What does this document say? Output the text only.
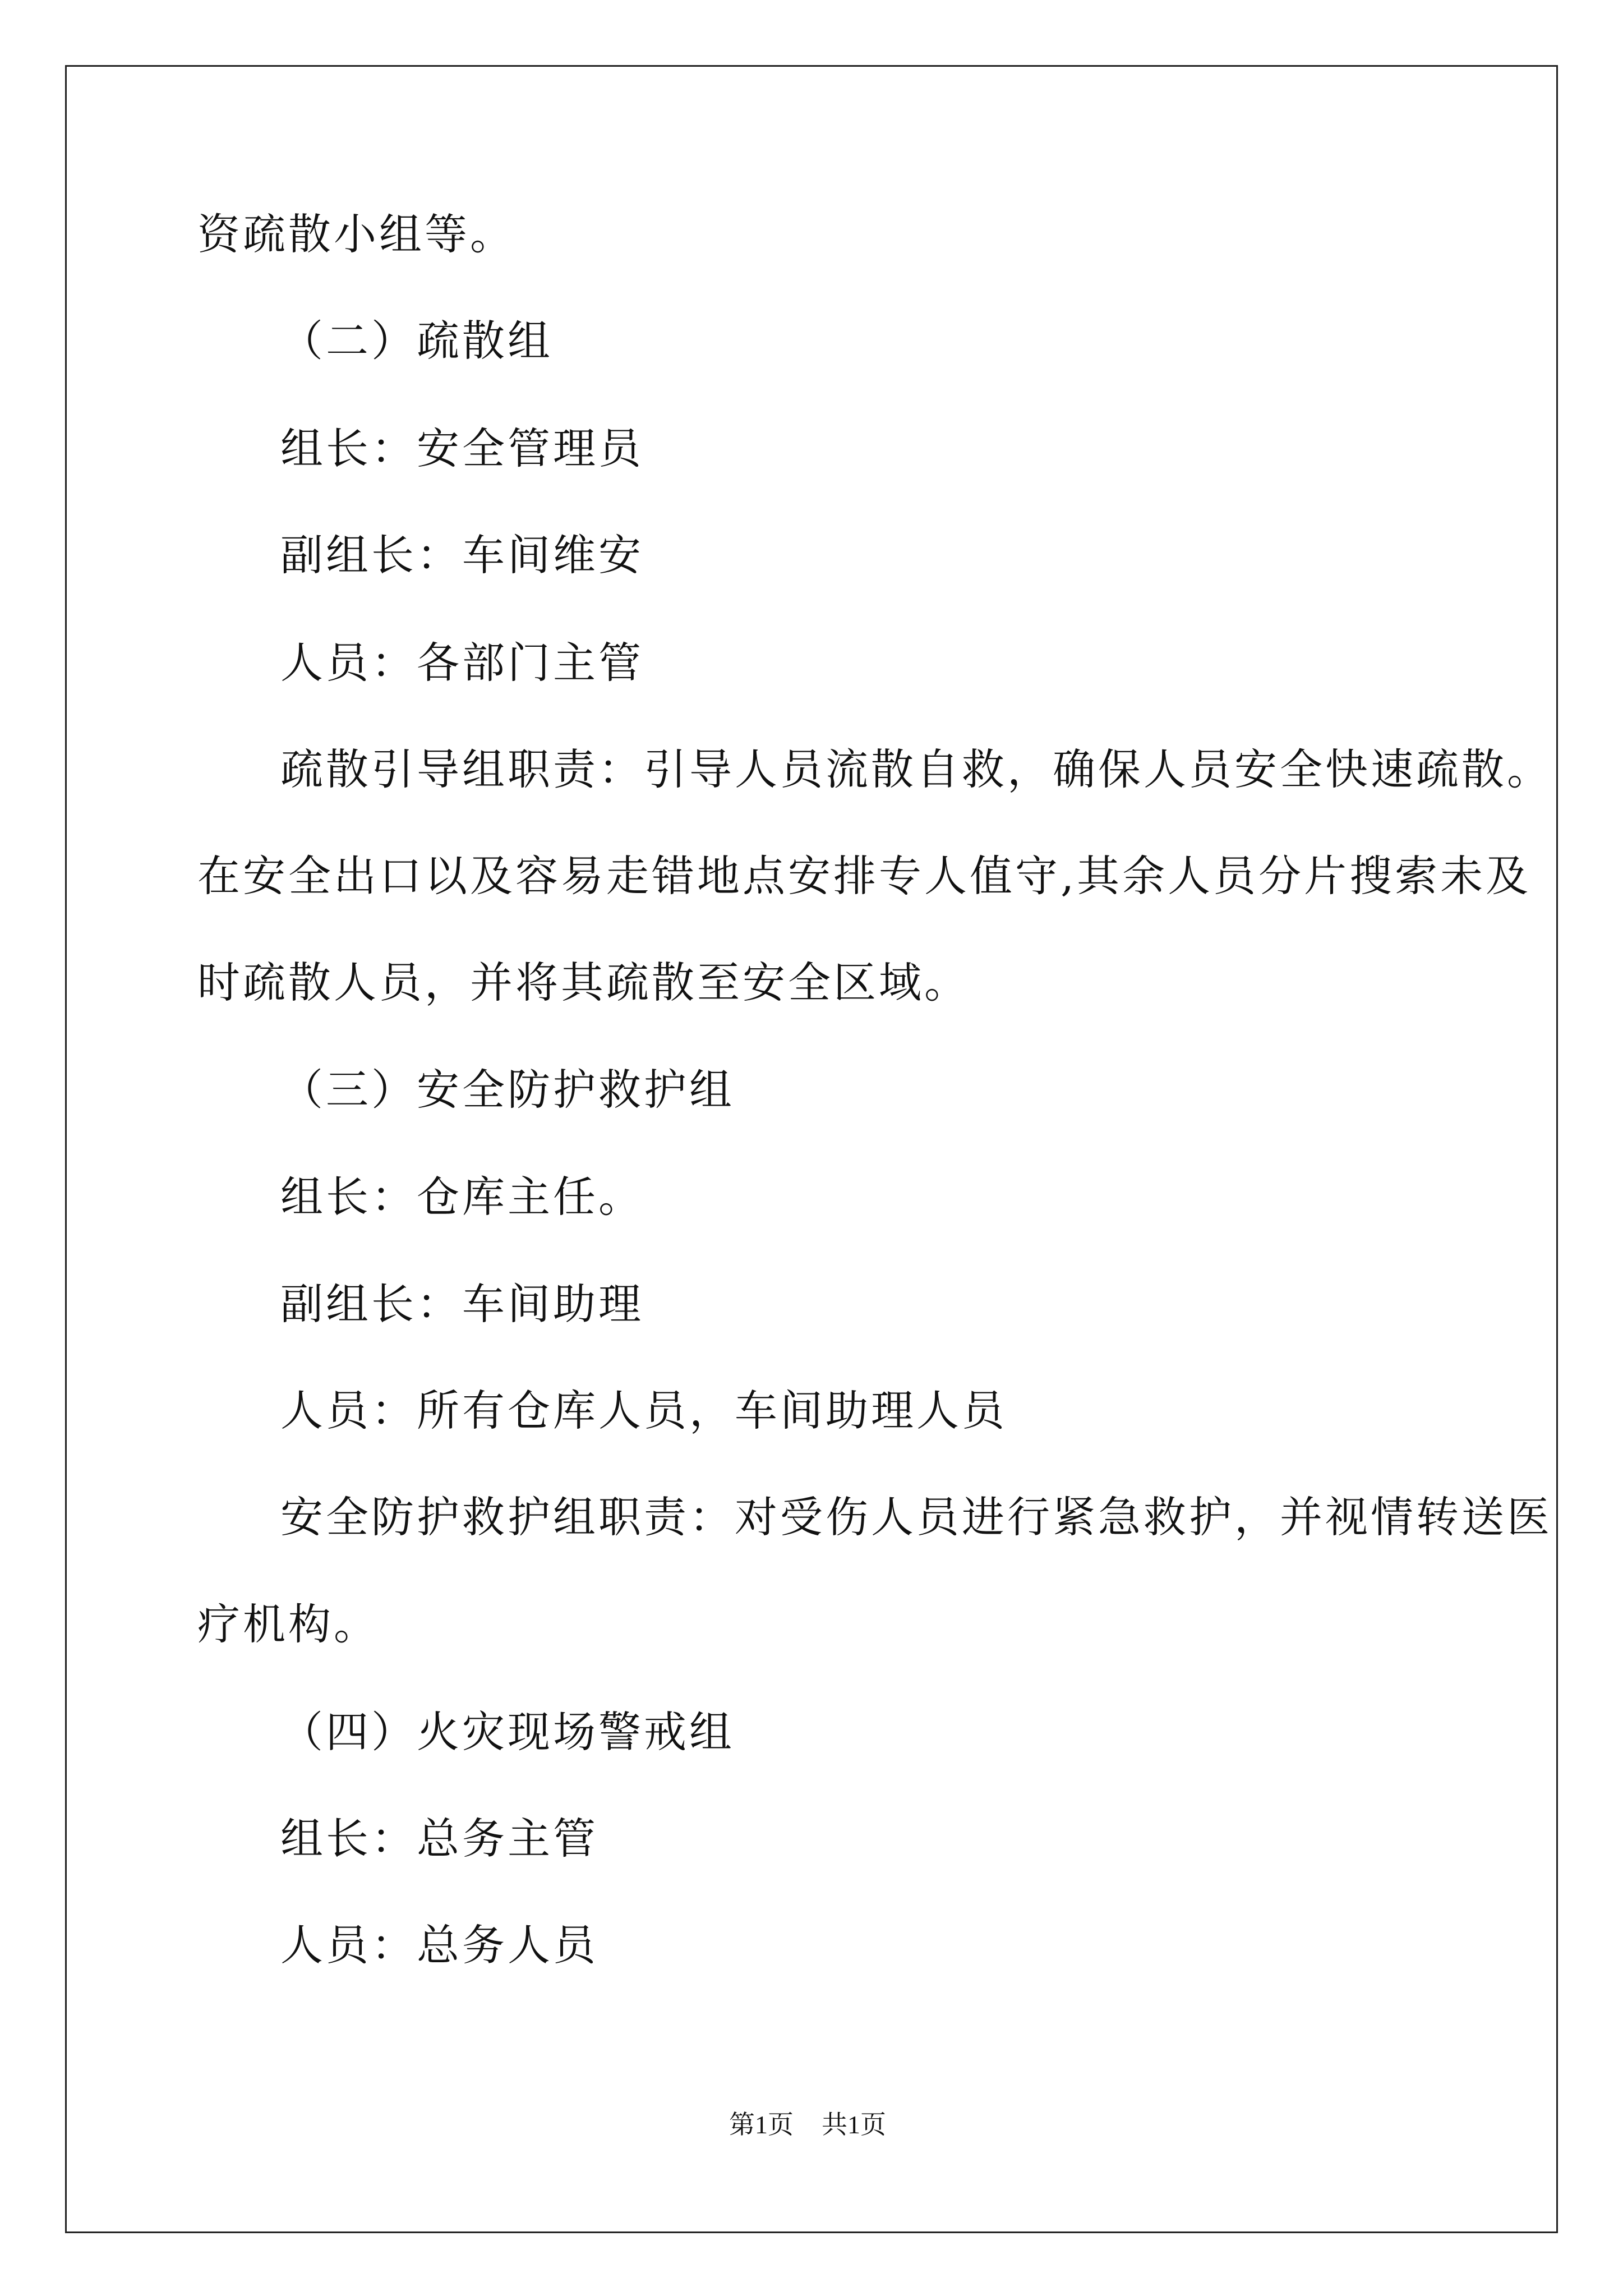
资疏散小组等。

（二）疏散组

组长：安全管理员

副组长：车间维安

人员：各部门主管

疏散引导组职责：引导人员流散自救，确保人员安全快速疏散。

在安全出口以及容易走错地点安排专人值守,其余人员分片搜索未及

时疏散人员，并将其疏散至安全区域。

（三）安全防护救护组

组长：仓库主任。

副组长：车间助理

人员：所有仓库人员，车间助理人员

安全防护救护组职责：对受伤人员进行紧急救护，并视情转送医

疗机构。

（四）火灾现场警戒组

组长：总务主管

人员：总务人员

第1页 共1页
